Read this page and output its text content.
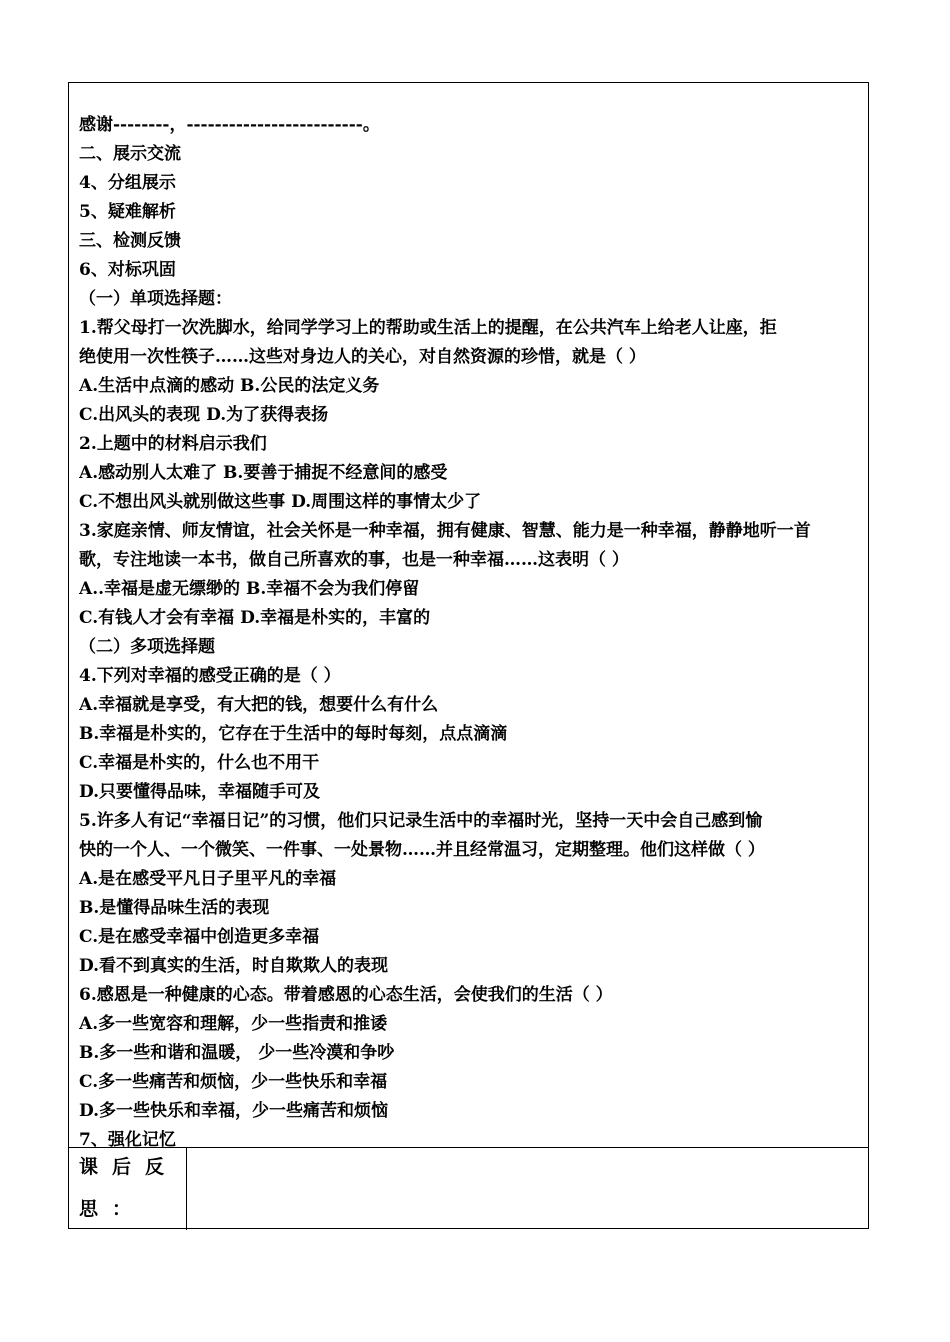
感谢--------，-------------------------。
二、展示交流
4、分组展示
5、疑难解析
三、检测反馈
6、对标巩固
（一）单项选择题：
1.帮父母打一次洗脚水，给同学学习上的帮助或生活上的提醒，在公共汽车上给老人让座，拒
绝使用一次性筷子……这些对身边人的关心，对自然资源的珍惜，就是（ ）
A.生活中点滴的感动 B.公民的法定义务
C.出风头的表现 D.为了获得表扬
2.上题中的材料启示我们
A.感动别人太难了 B.要善于捕捉不经意间的感受
C.不想出风头就别做这些事 D.周围这样的事情太少了
3.家庭亲情、师友情谊，社会关怀是一种幸福，拥有健康、智慧、能力是一种幸福，静静地听一首
歌，专注地读一本书，做自己所喜欢的事，也是一种幸福……这表明（ ）
A..幸福是虚无缥缈的 B.幸福不会为我们停留
C.有钱人才会有幸福 D.幸福是朴实的，丰富的
（二）多项选择题
4.下列对幸福的感受正确的是（ ）
A.幸福就是享受，有大把的钱，想要什么有什么
B.幸福是朴实的，它存在于生活中的每时每刻，点点滴滴
C.幸福是朴实的，什么也不用干
D.只要懂得品味，幸福随手可及
5.许多人有记“幸福日记”的习惯，他们只记录生活中的幸福时光，坚持一天中会自己感到愉
快的一个人、一个微笑、一件事、一处景物……并且经常温习，定期整理。他们这样做（ ）
A.是在感受平凡日子里平凡的幸福
B.是懂得品味生活的表现
C.是在感受幸福中创造更多幸福
D.看不到真实的生活，时自欺欺人的表现
6.感恩是一种健康的心态。带着感恩的心态生活，会使我们的生活（ ）
A.多一些宽容和理解，少一些指责和推诿
B.多一些和谐和温暖， 少一些冷漠和争吵
C.多一些痛苦和烦恼，少一些快乐和幸福
D.多一些快乐和幸福，少一些痛苦和烦恼
7、强化记忆
课后反
思：
